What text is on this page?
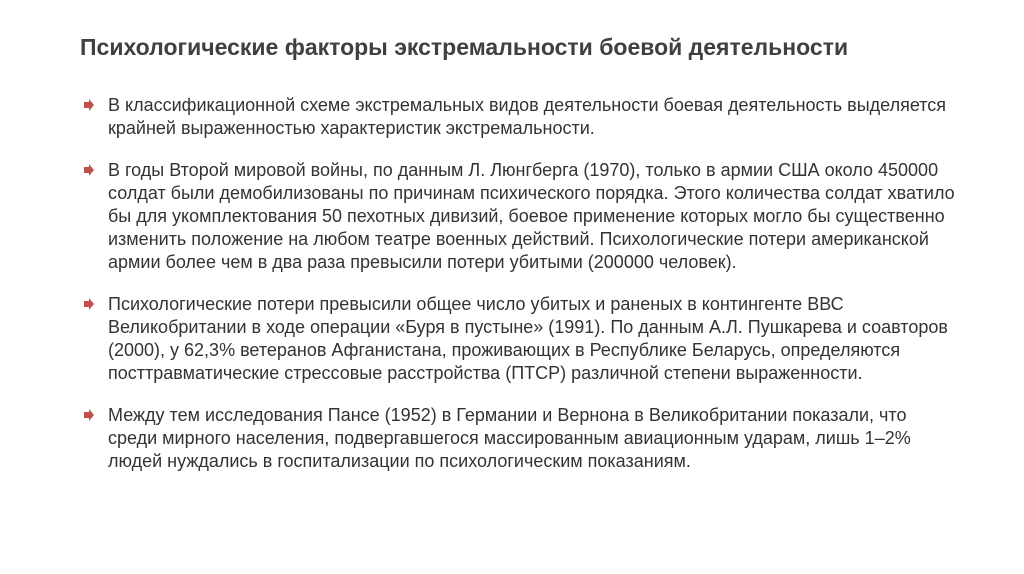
Психологические факторы экстремальности боевой деятельности
В классификационной схеме экстремальных видов деятельности боевая деятельность выделяется крайней выраженностью характеристик экстремальности.
В годы Второй мировой войны, по данным Л. Люнгберга (1970), только в армии США около 450000 солдат были демобилизованы по причинам психического порядка. Этого количества солдат хватило бы для укомплектования 50 пехотных дивизий, боевое применение которых могло бы существенно изменить положение на любом театре военных действий. Психологические потери американской армии более чем в два раза превысили потери убитыми (200000 человек).
Психологические потери превысили общее число убитых и раненых в контингенте ВВС Великобритании в ходе операции «Буря в пустыне» (1991). По данным А.Л. Пушкарева и соавторов (2000), у 62,3% ветеранов Афганистана, проживающих в Республике Беларусь, определяются посттравматические стрессовые расстройства (ПТСР) различной степени выраженности.
Между тем исследования Пансе (1952) в Германии и Вернона в Великобритании показали, что среди мирного населения, подвергавшегося массированным авиационным ударам, лишь 1–2% людей нуждались в госпитализации по психологическим показаниям.
